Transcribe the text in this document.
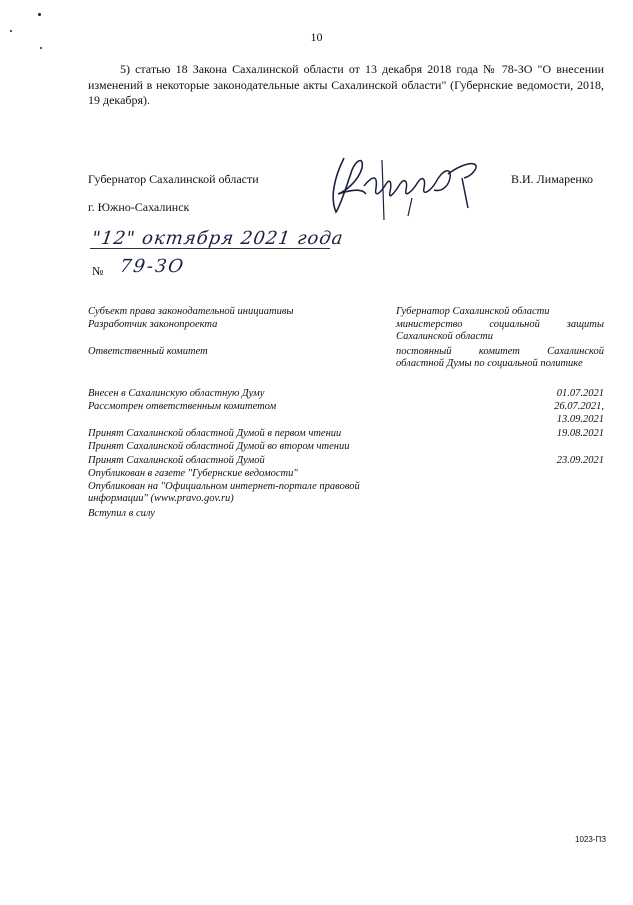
10
5) статью 18 Закона Сахалинской области от 13 декабря 2018 года № 78-ЗО "О внесении изменений в некоторые законодательные акты Сахалинской области" (Губернские ведомости, 2018, 19 декабря).
Губернатор Сахалинской области	В.И. Лимаренко
г. Южно-Сахалинск
"12" октября 2021 года
№ 79-ЗО
Субъект права законодательной инициативы	Губернатор Сахалинской области
Разработчик законопроекта	министерство социальной защиты Сахалинской области
Ответственный комитет	постоянный комитет Сахалинской областной Думы по социальной политике
Внесен в Сахалинскую областную Думу	01.07.2021
Рассмотрен ответственным комитетом	26.07.2021,
13.09.2021
Принят Сахалинской областной Думой в первом чтении	19.08.2021
Принят Сахалинской областной Думой во втором чтении
Принят Сахалинской областной Думой	23.09.2021
Опубликован в газете "Губернские ведомости"
Опубликован на "Официальном интернет-портале правовой информации" (www.pravo.gov.ru)
Вступил в силу
1023-ПЗ
